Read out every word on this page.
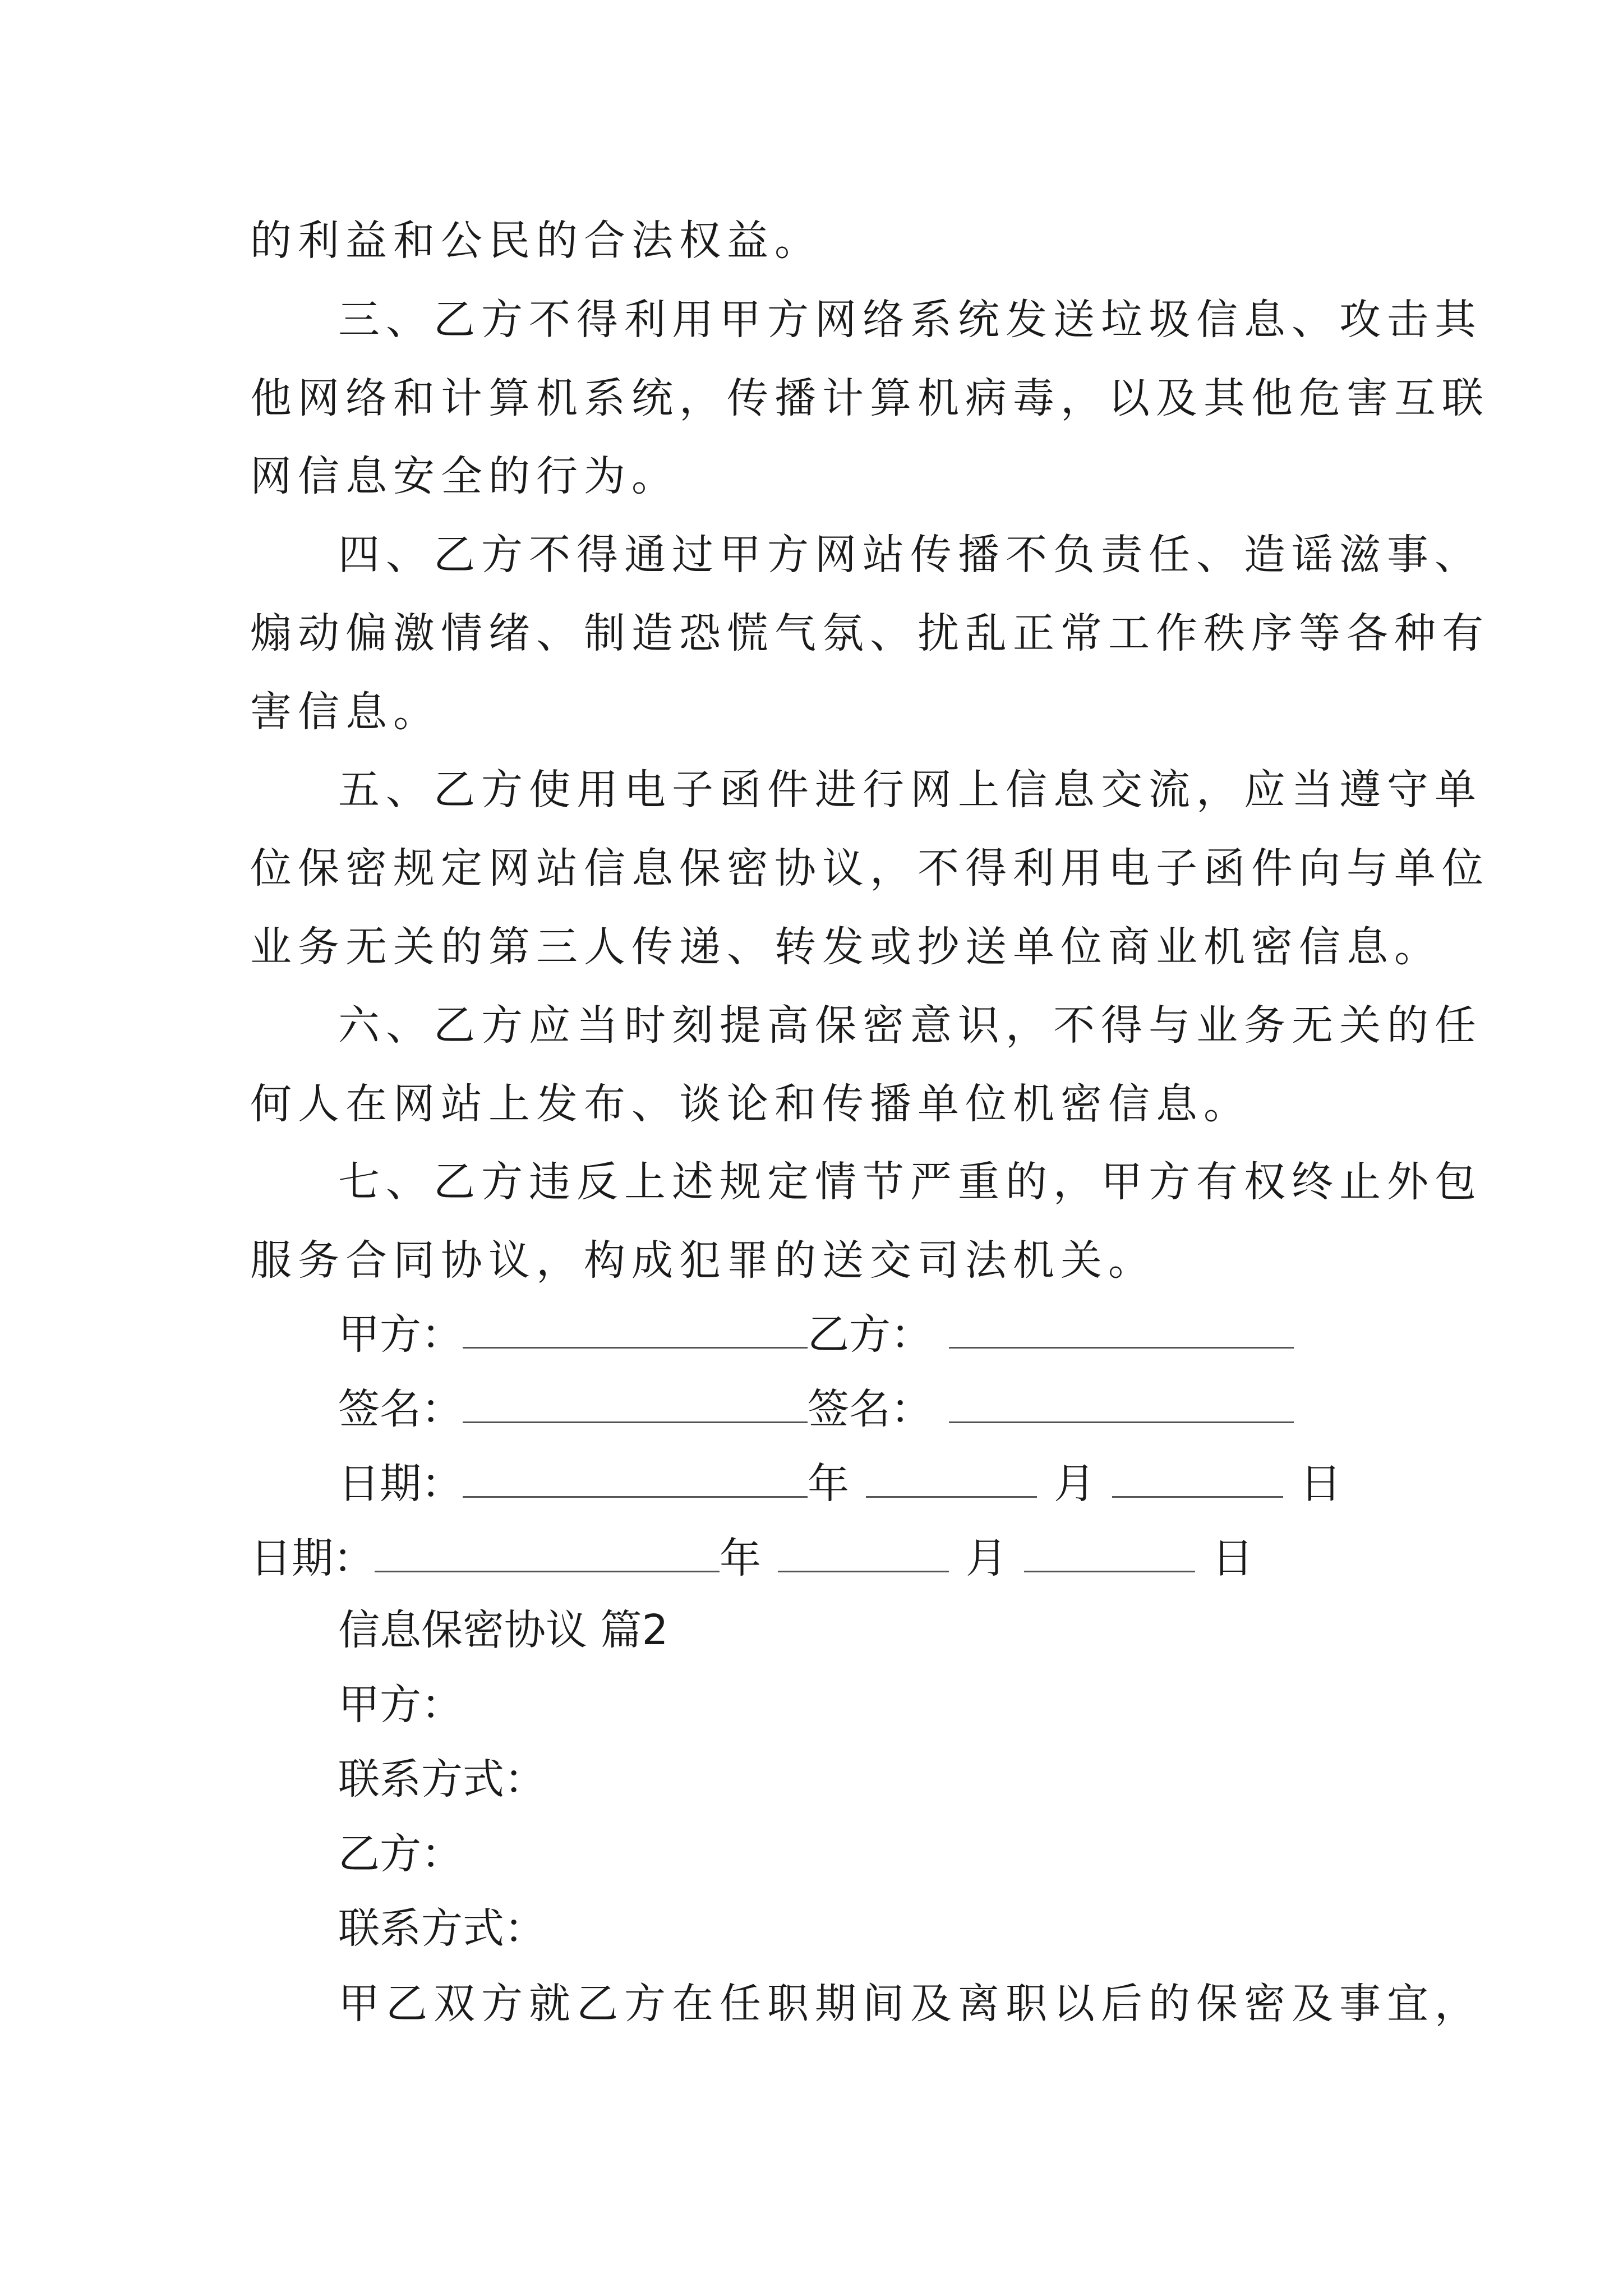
的利益和公民的合法权益。
三、乙方不得利用甲方网络系统发送垃圾信息、攻击其
他网络和计算机系统，传播计算机病毒，以及其他危害互联
网信息安全的行为。
四、乙方不得通过甲方网站传播不负责任、造谣滋事、
煽动偏激情绪、制造恐慌气氛、扰乱正常工作秩序等各种有
害信息。
五、乙方使用电子函件进行网上信息交流，应当遵守单
位保密规定网站信息保密协议，不得利用电子函件向与单位
业务无关的第三人传递、转发或抄送单位商业机密信息。
六、乙方应当时刻提高保密意识，不得与业务无关的任
何人在网站上发布、谈论和传播单位机密信息。
七、乙方违反上述规定情节严重的，甲方有权终止外包
服务合同协议，构成犯罪的送交司法机关。
甲方：	乙方：
签名：	签名：
日期：	年	月	日
日期：	年	月	日
信息保密协议 篇2
甲方：
联系方式：
乙方：
联系方式：
甲乙双方就乙方在任职期间及离职以后的保密及事宜，
